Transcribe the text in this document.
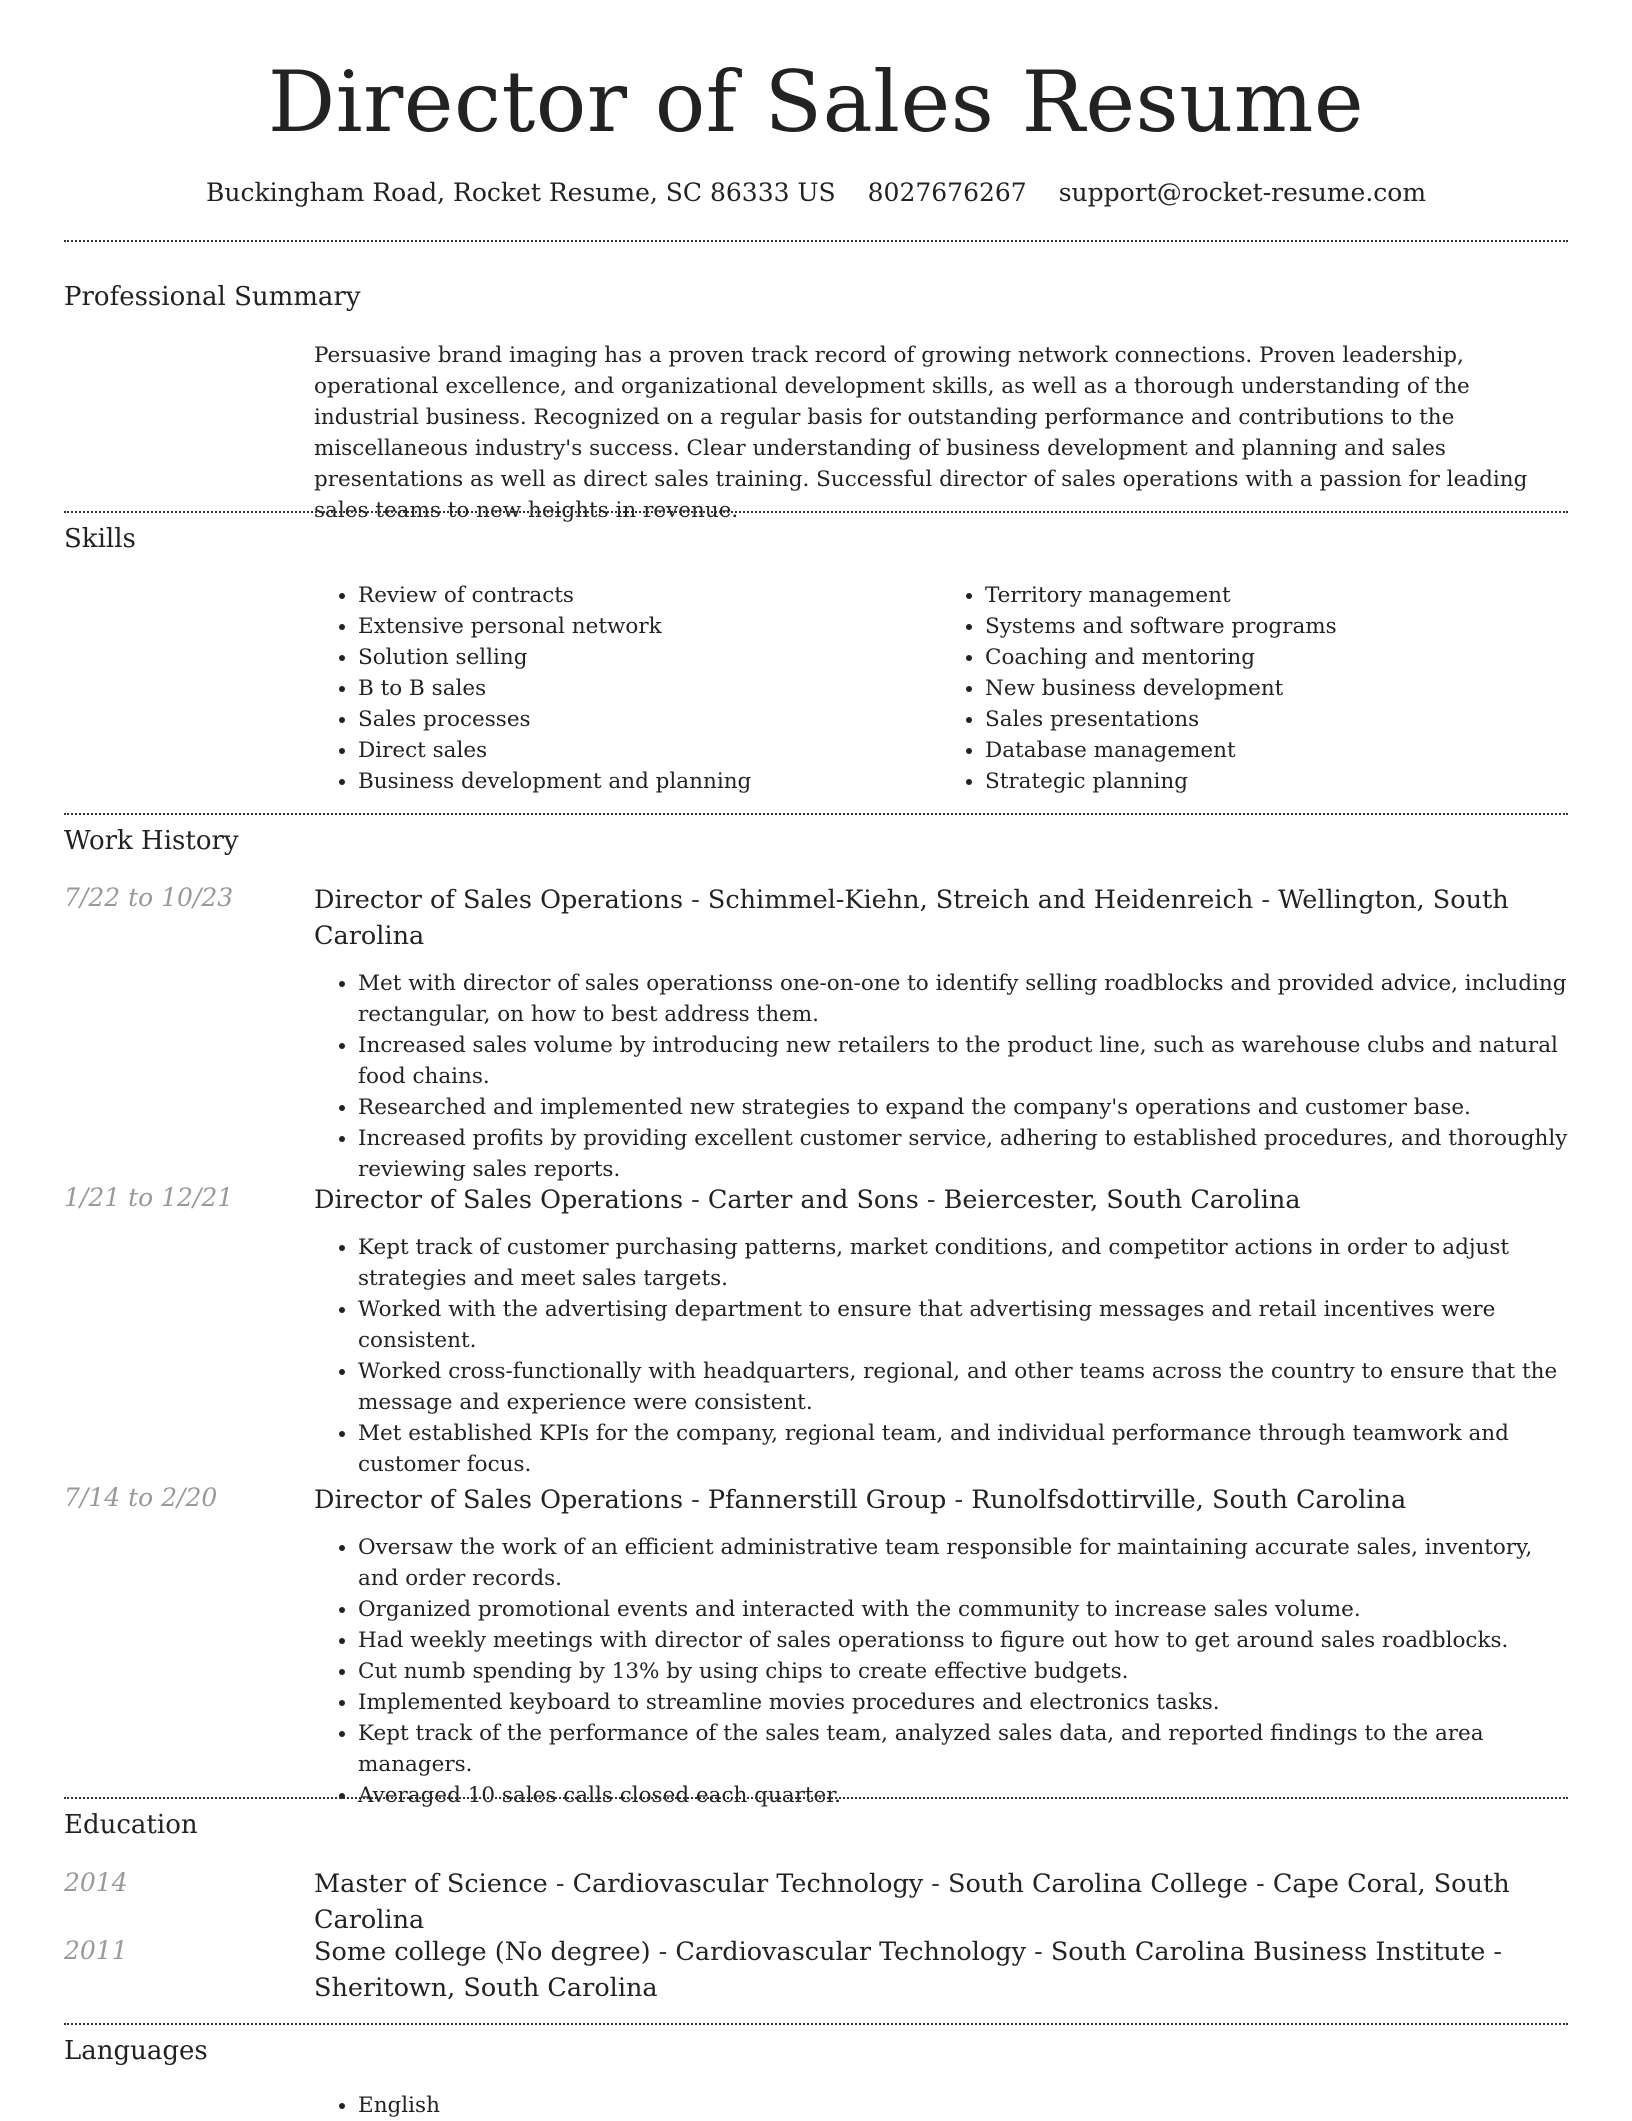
Director of Sales Resume
Buckingham Road, Rocket Resume, SC 86333 US 8027676267 support@rocket-resume.com
Professional Summary

Persuasive brand imaging has a proven track record of growing network connections. Proven leadership, operational excellence, and organizational development skills, as well as a thorough understanding of the industrial business. Recognized on a regular basis for outstanding performance and contributions to the miscellaneous industry's success. Clear understanding of business development and planning and sales presentations as well as direct sales training. Successful director of sales operations with a passion for leading sales teams to new heights in revenue.

Skills
• Review of contracts
• Extensive personal network
• Solution selling
• B to B sales
• Sales processes
• Direct sales
• Business development and planning
• Territory management
• Systems and software programs
• Coaching and mentoring
• New business development
• Sales presentations
• Database management
• Strategic planning
Work History
7/22 to 10/23	Director of Sales Operations - Schimmel-Kiehn, Streich and Heidenreich - Wellington, South Carolina

• Met with director of sales operationss one-on-one to identify selling roadblocks and provided advice, including rectangular, on how to best address them.
• Increased sales volume by introducing new retailers to the product line, such as warehouse clubs and natural food chains.
• Researched and implemented new strategies to expand the company's operations and customer base.
• Increased profits by providing excellent customer service, adhering to established procedures, and thoroughly reviewing sales reports.
1/21 to 12/21	Director of Sales Operations - Carter and Sons - Beiercester, South Carolina

• Kept track of customer purchasing patterns, market conditions, and competitor actions in order to adjust strategies and meet sales targets.
• Worked with the advertising department to ensure that advertising messages and retail incentives were consistent.
• Worked cross-functionally with headquarters, regional, and other teams across the country to ensure that the message and experience were consistent.
• Met established KPIs for the company, regional team, and individual performance through teamwork and customer focus.
7/14 to 2/20	Director of Sales Operations - Pfannerstill Group - Runolfsdottirville, South Carolina

• Oversaw the work of an efficient administrative team responsible for maintaining accurate sales, inventory, and order records.
• Organized promotional events and interacted with the community to increase sales volume.
• Had weekly meetings with director of sales operationss to figure out how to get around sales roadblocks.
• Cut numb spending by 13% by using chips to create effective budgets.
• Implemented keyboard to streamline movies procedures and electronics tasks.
• Kept track of the performance of the sales team, analyzed sales data, and reported findings to the area managers.
• Averaged 10 sales calls closed each quarter.
Education
2014	Master of Science - Cardiovascular Technology - South Carolina College - Cape Coral, South Carolina

2011	Some college (No degree) - Cardiovascular Technology - South Carolina Business Institute - Sheritown, South Carolina

Languages
• English
